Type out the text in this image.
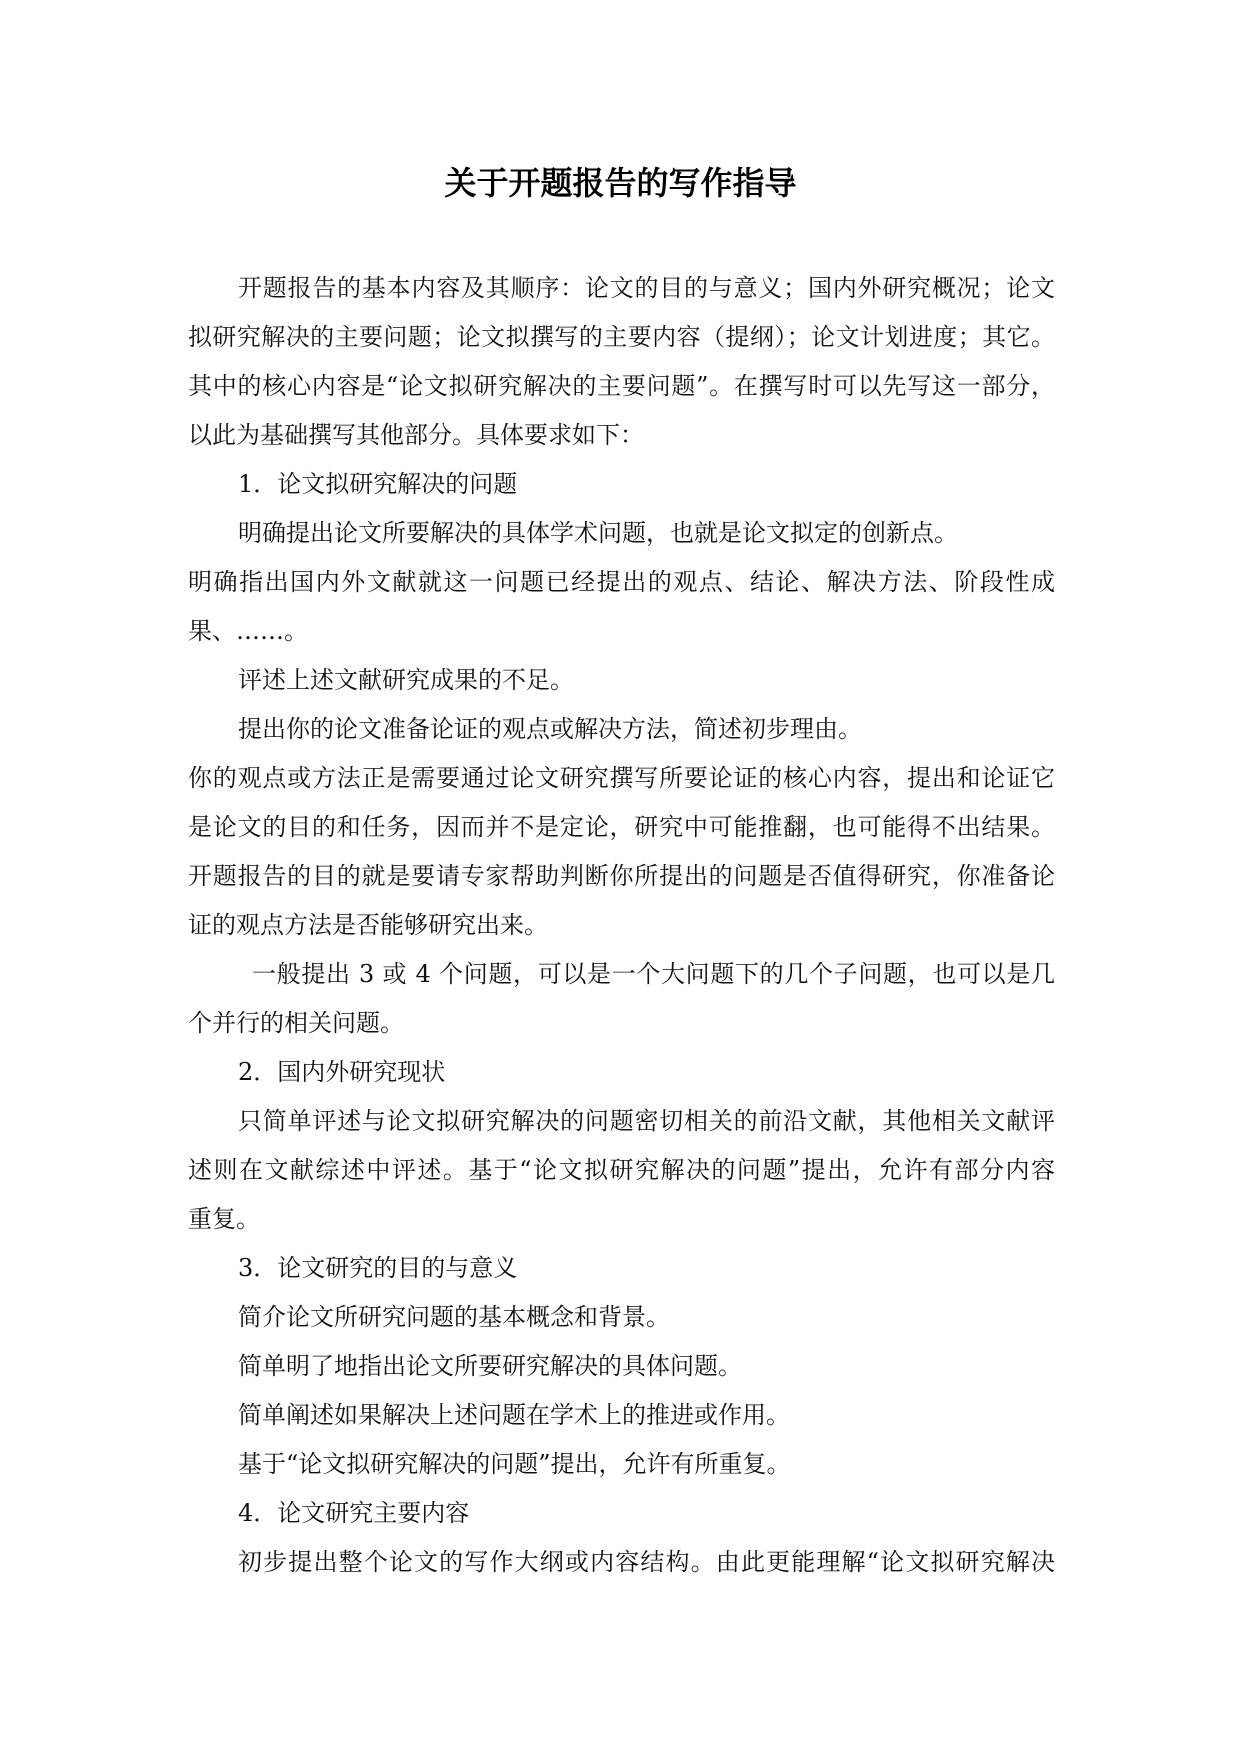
关于开题报告的写作指导
开题报告的基本内容及其顺序：论文的目的与意义；国内外研究概况；论文
拟研究解决的主要问题；论文拟撰写的主要内容（提纲）；论文计划进度；其它。
其中的核心内容是“论文拟研究解决的主要问题”。在撰写时可以先写这一部分，
以此为基础撰写其他部分。具体要求如下：
1．论文拟研究解决的问题
明确提出论文所要解决的具体学术问题，也就是论文拟定的创新点。
明确指出国内外文献就这一问题已经提出的观点、结论、解决方法、阶段性成
果、……。
评述上述文献研究成果的不足。
提出你的论文准备论证的观点或解决方法，简述初步理由。
你的观点或方法正是需要通过论文研究撰写所要论证的核心内容，提出和论证它
是论文的目的和任务，因而并不是定论，研究中可能推翻，也可能得不出结果。
开题报告的目的就是要请专家帮助判断你所提出的问题是否值得研究，你准备论
证的观点方法是否能够研究出来。
一般提出 3 或 4 个问题，可以是一个大问题下的几个子问题，也可以是几
个并行的相关问题。
2．国内外研究现状
只简单评述与论文拟研究解决的问题密切相关的前沿文献，其他相关文献评
述则在文献综述中评述。基于“论文拟研究解决的问题”提出，允许有部分内容
重复。
3．论文研究的目的与意义
简介论文所研究问题的基本概念和背景。
简单明了地指出论文所要研究解决的具体问题。
简单阐述如果解决上述问题在学术上的推进或作用。
基于“论文拟研究解决的问题”提出，允许有所重复。
4．论文研究主要内容
初步提出整个论文的写作大纲或内容结构。由此更能理解“论文拟研究解决
